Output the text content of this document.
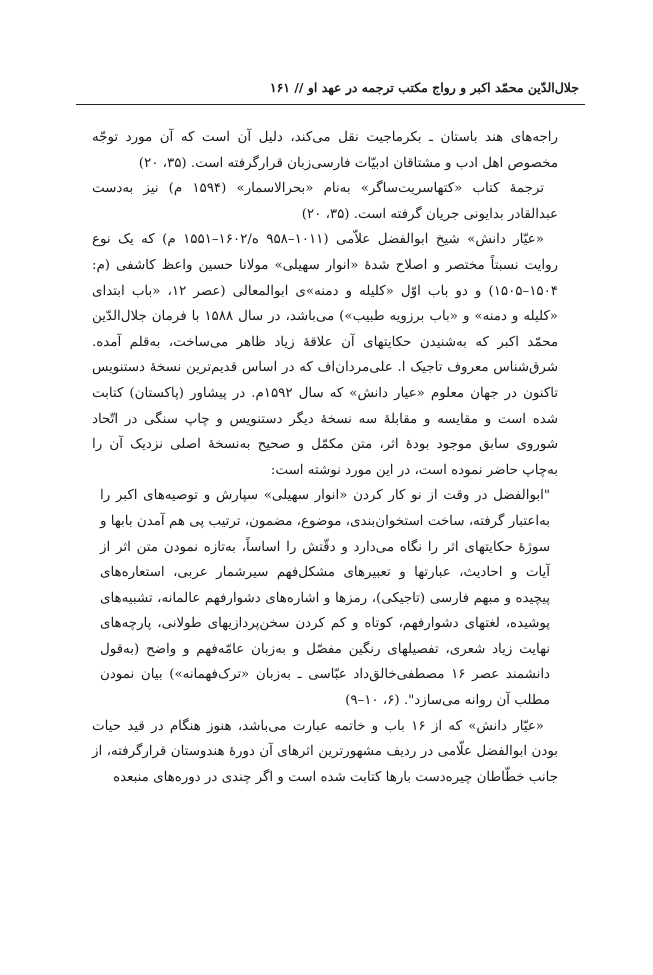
جلال‌الدّین محمّد اکبر و رواج مکتب ترجمه در عهد او // ۱۶۱

راجه‌های هند باستان ـ بکرماجیت نقل می‌کند، دلیل آن است که آن مورد توجّه مخصوص اهل ادب و مشتاقان ادبیّات فارسی‌زبان قرارگرفته است. (۳۵، ۲۰)

ترجمهٔ کتاب «کتهاسریت‌ساگر» به‌نام «بحرالاسمار» (۱۵۹۴ م) نیز به‌دست عبدالقادر بدایونی جریان گرفته است. (۳۵، ۲۰)

«عیّار دانش» شیخ ابوالفضل علاّمی (۱۰۱۱–۹۵۸ ه/۱۶۰۲–۱۵۵۱ م) که یک نوع روایت نسبتاً مختصر و اصلاح شدهٔ «انوار سهیلی» مولانا حسین واعظ کاشفی (م: ۱۵۰۴–۱۵۰۵) و دو باب اوّل «کلیله و دمنه»ی ابوالمعالی (عصر ۱۲، «باب ابتدای «کلیله و دمنه» و «باب برزویه طبیب») می‌باشد، در سال ۱۵۸۸ با فرمان جلال‌الدّین محمّد اکبر که به‌شنیدن حکایتهای آن علاقهٔ زیاد ظاهر می‌ساخت، به‌قلم آمده. شرق‌شناس معروف تاجیک ا. علی‌مردان‌اف که در اساس قدیم‌ترین نسخهٔ دستنویس تاکنون در جهان معلوم «عیار دانش» که سال ۱۵۹۲م. در پیشاور (پاکستان) کتابت شده است و مقایسه و مقابلهٔ سه نسخهٔ دیگر دستنویس و چاپ سنگی در اتّحاد شوروی سابق موجود بودهٔ اثر، متن مکمّل و صحیح به‌نسخهٔ اصلی نزدیک آن را به‌چاپ حاضر نموده است، در این مورد نوشته است:

"ابوالفضل در وقت از نو کار کردن «انوار سهیلی» سپارش و توصیه‌های اکبر را به‌اعتبار گرفته، ساخت استخوان‌بندی، موضوع، مضمون، ترتیب پی هم آمدن بابها و سوژهٔ حکایتهای اثر را نگاه می‌دارد و دقّتش را اساساً، به‌تازه نمودن متن اثر از آیات و احادیث، عبارتها و تعبیرهای مشکل‌فهم سیرشمار عربی، استعاره‌های پیچیده و مبهم فارسی (تاجیکی)، رمزها و اشاره‌های دشوارفهم عالمانه، تشبیه‌های پوشیده، لغتهای دشوارفهم، کوتاه و کم کردن سخن‌پردازیهای طولانی، پارچه‌های نهایت زیاد شعری، تفصیلهای رنگین مفصّل و به‌زبان عامّه‌فهم و واضح (به‌قول دانشمند عصر ۱۶ مصطفی‌خالق‌داد عبّاسی ـ به‌زبان «ترک‌فهمانه») بیان نمودن مطلب آن روانه می‌سازد". (۶، ۱۰–۹)

«عیّار دانش» که از ۱۶ باب و خاتمه عبارت می‌باشد، هنوز هنگام در قید حیات بودن ابوالفضل علّامی در ردیف مشهورترین اثرهای آن دورهٔ هندوستان قرارگرفته، از جانب خطّاطان چیره‌دست بارها کتابت شده است و اگر چندی در دوره‌های منبعده
